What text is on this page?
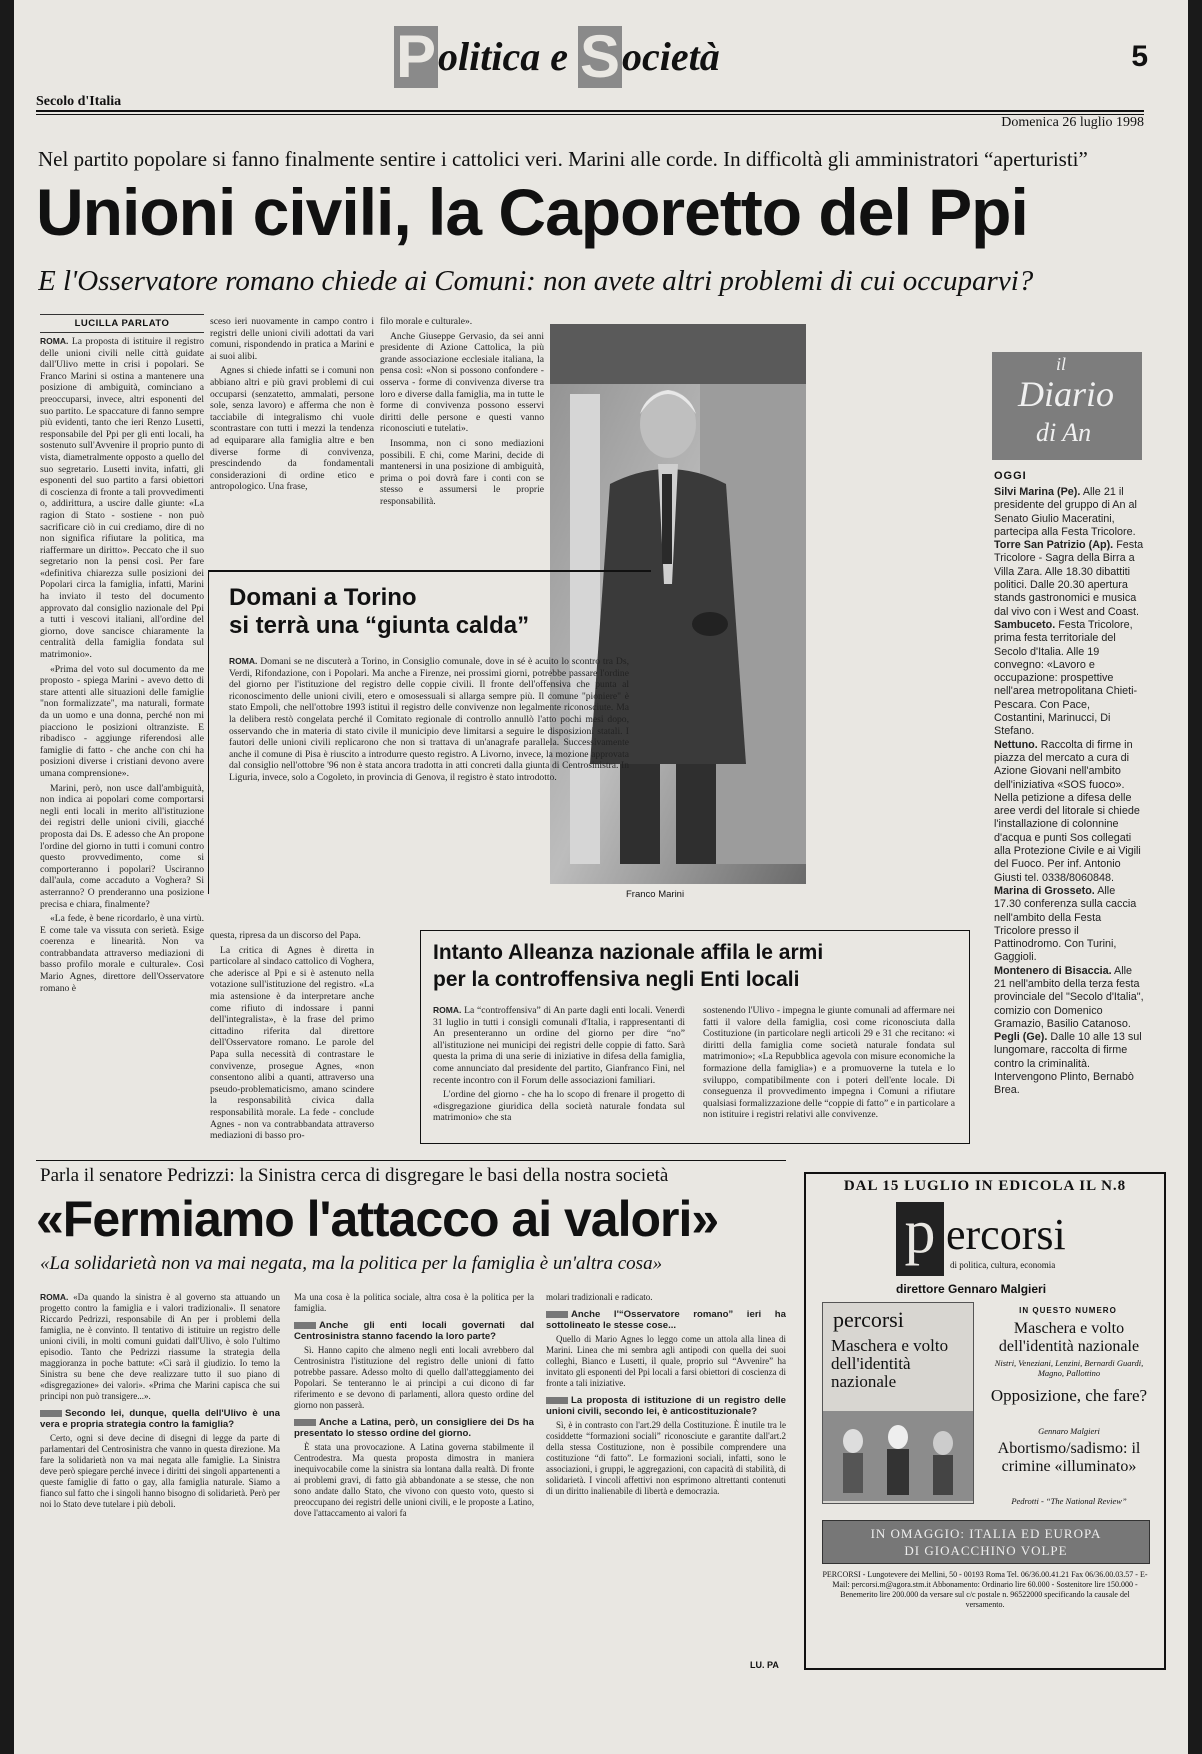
Politica e Società	5
Secolo d'Italia
Domenica 26 luglio 1998
Nel partito popolare si fanno finalmente sentire i cattolici veri. Marini alle corde. In difficoltà gli amministratori “aperturisti”
Unioni civili, la Caporetto del Ppi
E l'Osservatore romano chiede ai Comuni: non avete altri problemi di cui occuparvi?
LUCILLA PARLATO

ROMA. La proposta di istituire il registro delle unioni civili nelle città guidate dall'Ulivo mette in crisi i popolari. Se Franco Marini si ostina a mantenere una posizione di ambiguità, cominciano a preoccuparsi, invece, altri esponenti del suo partito. Le spaccature di fanno sempre più evidenti, tanto che ieri Renzo Lusetti, responsabile del Ppi per gli enti locali, ha sostenuto sull'Avvenire il proprio punto di vista, diametralmente opposto a quello del suo segretario. Lusetti invita, infatti, gli esponenti del suo partito a farsi obiettori di coscienza di fronte a tali provvedimenti o, addirittura, a uscire dalle giunte: «La ragion di Stato - sostiene - non può sacrificare ciò in cui crediamo, dire di no non significa rifiutare la politica, ma riaffermare un diritto». Peccato che il suo segretario non la pensi così. Per fare «definitiva chiarezza sulle posizioni dei Popolari circa la famiglia, infatti, Marini ha inviato il testo del documento approvato dal consiglio nazionale del Ppi a tutti i vescovi italiani, all'ordine del giorno, dove sancisce chiaramente la centralità della famiglia fondata sul matrimonio».

«Prima del voto sul documento da me proposto - spiega Marini - avevo detto di stare attenti alle situazioni delle famiglie "non formalizzate", ma naturali, formate da un uomo e una donna, perché non mi piacciono le posizioni oltranziste. E ribadisco - aggiunge riferendosi alle famiglie di fatto - che anche con chi ha posizioni diverse i cristiani devono avere umana comprensione».

Marini, però, non usce dall'ambiguità, non indica ai popolari come comportarsi negli enti locali in merito all'istituzione dei registri delle unioni civili, giacché proposta dai Ds. E adesso che An propone l'ordine del giorno in tutti i comuni contro questo provvedimento, come si comporteranno i popolari? Usciranno dall'aula, come accaduto a Voghera? Si asterranno? O prenderanno una posizione precisa e chiara, finalmente?

«La fede, è bene ricordarlo, è una virtù. E come tale va vissuta con serietà. Esige coerenza e linearità. Non va contrabbandata attraverso mediazioni di basso profilo morale e culturale». Così Mario Agnes, direttore dell'Osservatore romano è

sceso ieri nuovamente in campo contro i registri delle unioni civili adottati da vari comuni, rispondendo in pratica a Marini e ai suoi alibi.

Agnes si chiede infatti se i comuni non abbiano altri e più gravi problemi di cui occuparsi (senzatetto, ammalati, persone sole, senza lavoro) e afferma che non è tacciabile di integralismo chi vuole scontrastare con tutti i mezzi la tendenza ad equiparare alla famiglia altre e ben diverse forme di convivenza, prescindendo da fondamentali considerazioni di ordine etico e antropologico. Una frase,

filo morale e culturale».

Anche Giuseppe Gervasio, da sei anni presidente di Azione Cattolica, la più grande associazione ecclesiale italiana, la pensa così: «Non si possono confondere - osserva - forme di convivenza diverse tra loro e diverse dalla famiglia, ma in tutte le forme di convivenza possono esservi diritti delle persone e questi vanno riconosciuti e tutelati».

Insomma, non ci sono mediazioni possibili. E chi, come Marini, decide di mantenersi in una posizione di ambiguità, prima o poi dovrà fare i conti con se stesso e assumersi le proprie responsabilità.

Franco Marini
Domani a Torino
si terrà una “giunta calda”

ROMA. Domani se ne discuterà a Torino, in Consiglio comunale, dove in sé è acuito lo scontro tra Ds, Verdi, Rifondazione, con i Popolari. Ma anche a Firenze, nei prossimi giorni, potrebbe passare l'ordine del giorno per l'istituzione del registro delle coppie civili. Il fronte dell'offensiva che punta al riconoscimento delle unioni civili, etero e omosessuali si allarga sempre più. Il comune "pioniere" è stato Empoli, che nell'ottobre 1993 istituì il registro delle convivenze non legalmente riconosciute. Ma la delibera restò congelata perché il Comitato regionale di controllo annullò l'atto pochi mesi dopo, osservando che in materia di stato civile il municipio deve limitarsi a seguire le disposizioni statali. I fautori delle unioni civili replicarono che non si trattava di un'anagrafe parallela. Successivamente anche il comune di Pisa è riuscito a introdurre questo registro. A Livorno, invece, la mozione approvata dal consiglio nell'ottobre '96 non è stata ancora tradotta in atti concreti dalla giunta di Centrosinistra. In Liguria, invece, solo a Cogoleto, in provincia di Genova, il registro è stato introdotto.

questa, ripresa da un discorso del Papa.

La critica di Agnes è diretta in particolare al sindaco cattolico di Voghera, che aderisce al Ppi e si è astenuto nella votazione sull'istituzione del registro. «La mia astensione è da interpretare anche come rifiuto di indossare i panni dell'integralista», è la frase del primo cittadino riferita dal direttore dell'Osservatore romano. Le parole del Papa sulla necessità di contrastare le convivenze, prosegue Agnes, «non consentono alibi a quanti, attraverso una pseudo-problematicismo, amano scindere la responsabilità civica dalla responsabilità morale. La fede - conclude Agnes - non va contrabbandata attraverso mediazioni di basso pro-

Intanto Alleanza nazionale affila le armi
per la controffensiva negli Enti locali

ROMA. La “controffensiva” di An parte dagli enti locali. Venerdì 31 luglio in tutti i consigli comunali d'Italia, i rappresentanti di An presenteranno un ordine del giorno per dire “no” all'istituzione nei municipi dei registri delle coppie di fatto. Sarà questa la prima di una serie di iniziative in difesa della famiglia, come annunciato dal presidente del partito, Gianfranco Fini, nel recente incontro con il Forum delle associazioni familiari.

L'ordine del giorno - che ha lo scopo di frenare il progetto di «disgregazione giuridica della società naturale fondata sul matrimonio» che sta

sostenendo l'Ulivo - impegna le giunte comunali ad affermare nei fatti il valore della famiglia, così come riconosciuta dalla Costituzione (in particolare negli articoli 29 e 31 che recitano: «i diritti della famiglia come società naturale fondata sul matrimonio»; «La Repubblica agevola con misure economiche la formazione della famiglia») e a promuoverne la tutela e lo sviluppo, compatibilmente con i poteri dell'ente locale. Di conseguenza il provvedimento impegna i Comuni a rifiutare qualsiasi formalizzazione delle “coppie di fatto” e in particolare a non istituire i registri relativi alle convivenze.

il
Diario
di An
OGGI
Silvi Marina (Pe). Alle 21 il presidente del gruppo di An al Senato Giulio Maceratini, partecipa alla Festa Tricolore.
Torre San Patrizio (Ap). Festa Tricolore - Sagra della Birra a Villa Zara. Alle 18.30 dibattiti politici. Dalle 20.30 apertura stands gastronomici e musica dal vivo con i West and Coast.
Sambuceto. Festa Tricolore, prima festa territoriale del Secolo d'Italia. Alle 19 convegno: «Lavoro e occupazione: prospettive nell'area metropolitana Chieti-Pescara. Con Pace, Costantini, Marinucci, Di Stefano.
Nettuno. Raccolta di firme in piazza del mercato a cura di Azione Giovani nell'ambito dell'iniziativa «SOS fuoco». Nella petizione a difesa delle aree verdi del litorale si chiede l'installazione di colonnine d'acqua e punti Sos collegati alla Protezione Civile e ai Vigili del Fuoco. Per inf. Antonio Giusti tel. 0338/8060848.
Marina di Grosseto. Alle 17.30 conferenza sulla caccia nell'ambito della Festa Tricolore presso il Pattinodromo. Con Turini, Gaggioli.
Montenero di Bisaccia. Alle 21 nell'ambito della terza festa provinciale del "Secolo d'Italia", comizio con Domenico Gramazio, Basilio Catanoso.
Pegli (Ge). Dalle 10 alle 13 sul lungomare, raccolta di firme contro la criminalità. Intervengono Plinto, Bernabò Brea.
Parla il senatore Pedrizzi: la Sinistra cerca di disgregare le basi della nostra società
«Fermiamo l'attacco ai valori»
«La solidarietà non va mai negata, ma la politica per la famiglia è un'altra cosa»

ROMA. «Da quando la sinistra è al governo sta attuando un progetto contro la famiglia e i valori tradizionali». Il senatore Riccardo Pedrizzi, responsabile di An per i problemi della famiglia, ne è convinto. Il tentativo di istituire un registro delle unioni civili, in molti comuni guidati dall'Ulivo, è solo l'ultimo episodio. Tanto che Pedrizzi riassume la strategia della maggioranza in poche battute: «Ci sarà il giudizio. Io temo la Sinistra su bene che deve realizzare tutto il suo piano di «disgregazione» dei valori». «Prima che Marini capisca che sui principi non può transigere...».

Secondo lei, dunque, quella dell'Ulivo è una vera e propria strategia contro la famiglia?

Certo, ogni si deve decine di disegni di legge da parte di parlamentari del Centrosinistra che vanno in questa direzione. Ma fare la solidarietà non va mai negata alle famiglie. La Sinistra deve però spiegare perché invece i diritti dei singoli appartenenti a queste famiglie di fatto o gay, alla famiglia naturale. Siamo a fianco sul fatto che i singoli hanno bisogno di solidarietà. Però per noi lo Stato deve tutelare i più deboli.

Ma una cosa è la politica sociale, altra cosa è la politica per la famiglia.

Anche gli enti locali governati dal Centrosinistra stanno facendo la loro parte?

Sì. Hanno capito che almeno negli enti locali avrebbero dal Centrosinistra l'istituzione del registro delle unioni di fatto potrebbe passare. Adesso molto di quello dall'atteggiamento dei Popolari. Se tenteranno le ai principi a cui dicono di far riferimento e se devono di parlamenti, allora questo ordine del giorno non passerà.

Anche a Latina, però, un consigliere dei Ds ha presentato lo stesso ordine del giorno.

È stata una provocazione. A Latina governa stabilmente il Centrodestra. Ma questa proposta dimostra in maniera inequivocabile come la sinistra sia lontana dalla realtà. Di fronte ai problemi gravi, di fatto già abbandonate a se stesse, che non sono andate dallo Stato, che vivono con questo voto, questo si preoccupano dei registri delle unioni civili, e le proposte a Latino, dove l'attaccamento ai valori fa

molari tradizionali e radicato.

Anche l'“Osservatore romano” ieri ha sottolineato le stesse cose...

Quello di Mario Agnes lo leggo come un attola alla linea di Marini. Linea che mi sembra agli antipodi con quella dei suoi colleghi, Bianco e Lusetti, il quale, proprio sul “Avvenire” ha invitato gli esponenti del Ppi locali a farsi obiettori di coscienza di fronte a tali iniziative.

La proposta di istituzione di un registro delle unioni civili, secondo lei, è anticostituzionale?

Sì, è in contrasto con l'art.29 della Costituzione. È inutile tra le cosiddette “formazioni sociali” riconosciute e garantite dall'art.2 della stessa Costituzione, non è possibile comprendere una costituzione “di fatto”. Le formazioni sociali, infatti, sono le associazioni, i gruppi, le aggregazioni, con capacità di stabilità, di solidarietà. I vincoli affettivi non esprimono altrettanti contenuti di un diritto inalienabile di libertà e democrazia.

LU. PA
DAL 15 LUGLIO IN EDICOLA IL N.8
p ercorsi
di politica, cultura, economia
direttore Gennaro Malgieri
percorsi
Maschera e volto dell'identità nazionale
IN QUESTO NUMERO
Maschera e volto dell'identità nazionale
Nistri, Veneziani, Lenzini, Bernardi Guardi, Magno, Pallottino
Opposizione, che fare?
Gennaro Malgieri
Abortismo/sadismo: il crimine «illuminato»
Pedrotti - “The National Review”
IN OMAGGIO: ITALIA ED EUROPA
DI GIOACCHINO VOLPE
PERCORSI - Lungotevere dei Mellini, 50 - 00193 Roma Tel. 06/36.00.41.21 Fax 06/36.00.03.57 - E-Mail: percorsi.m@agora.stm.it Abbonamento: Ordinario lire 60.000 - Sostenitore lire 150.000 - Benemerito lire 200.000 da versare sul c/c postale n. 96522000 specificando la causale del versamento.
